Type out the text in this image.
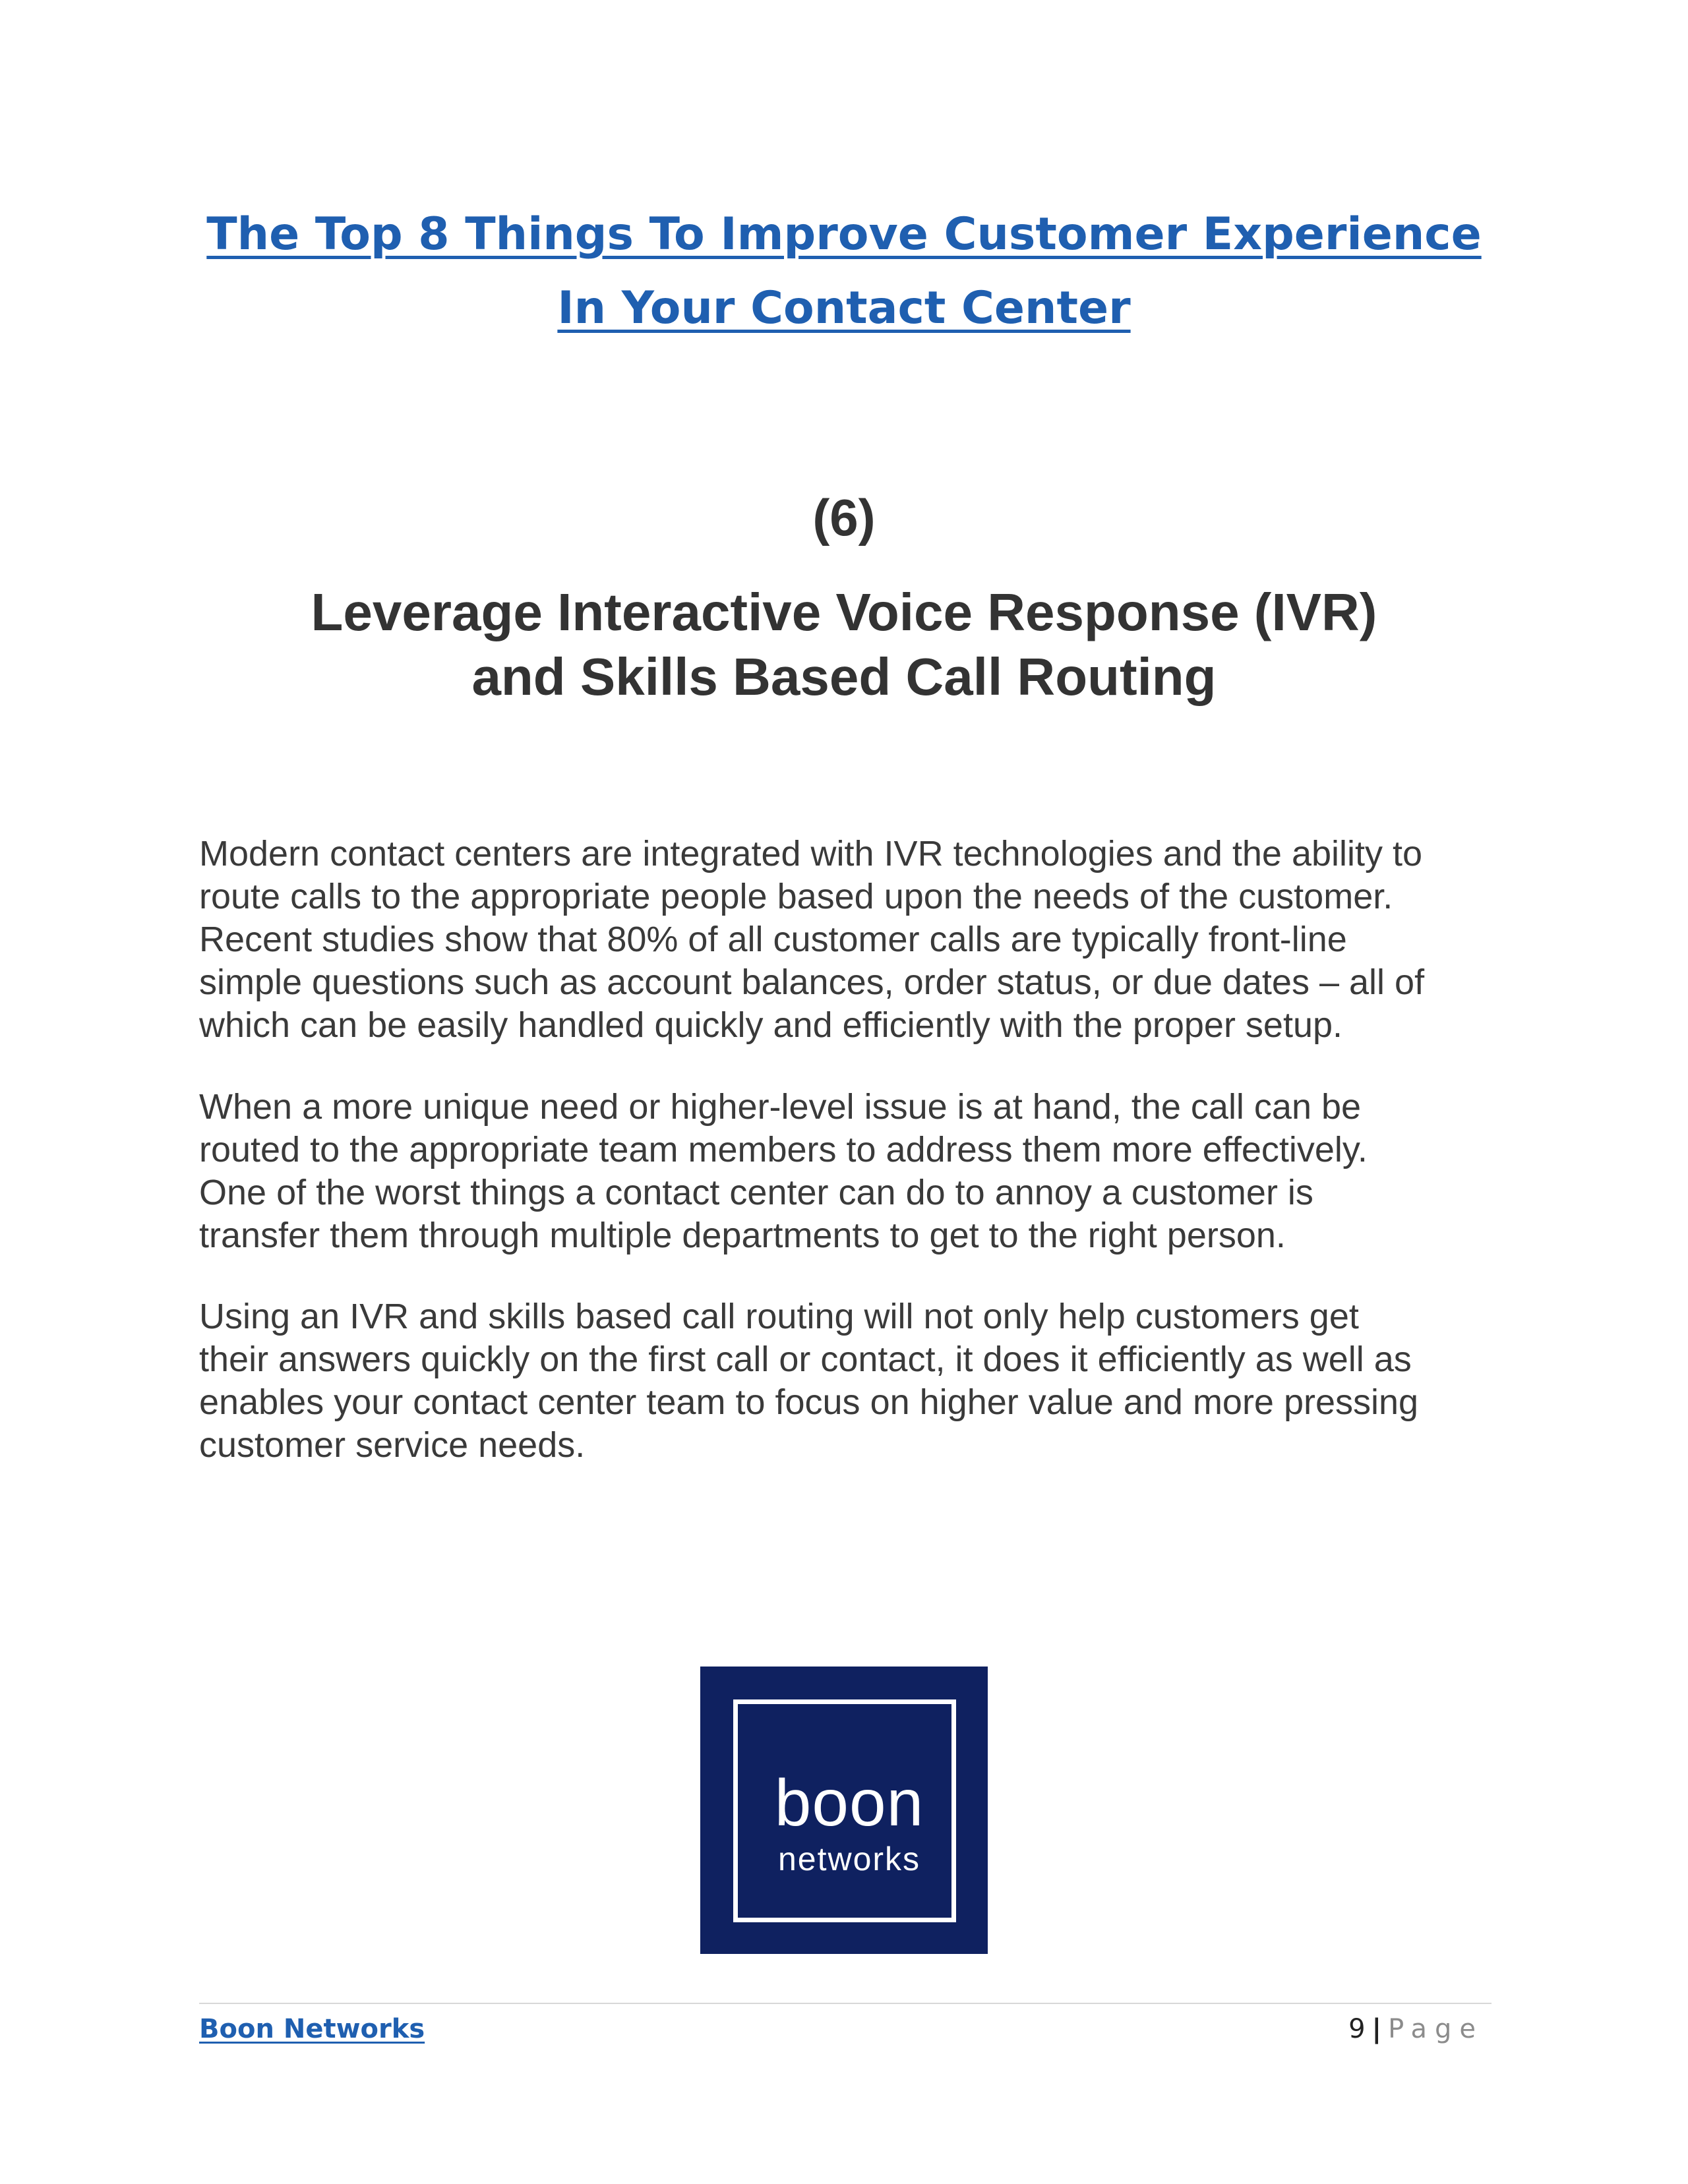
The Top 8 Things To Improve Customer Experience
In Your Contact Center
(6)
Leverage Interactive Voice Response (IVR)
and Skills Based Call Routing

Modern contact centers are integrated with IVR technologies and the ability to
route calls to the appropriate people based upon the needs of the customer.
Recent studies show that 80% of all customer calls are typically front-line
simple questions such as account balances, order status, or due dates – all of
which can be easily handled quickly and efficiently with the proper setup.

When a more unique need or higher-level issue is at hand, the call can be
routed to the appropriate team members to address them more effectively.
One of the worst things a contact center can do to annoy a customer is
transfer them through multiple departments to get to the right person.

Using an IVR and skills based call routing will not only help customers get
their answers quickly on the first call or contact, it does it efficiently as well as
enables your contact center team to focus on higher value and more pressing
customer service needs.

boon
networks
Boon Networks	9 | Page
